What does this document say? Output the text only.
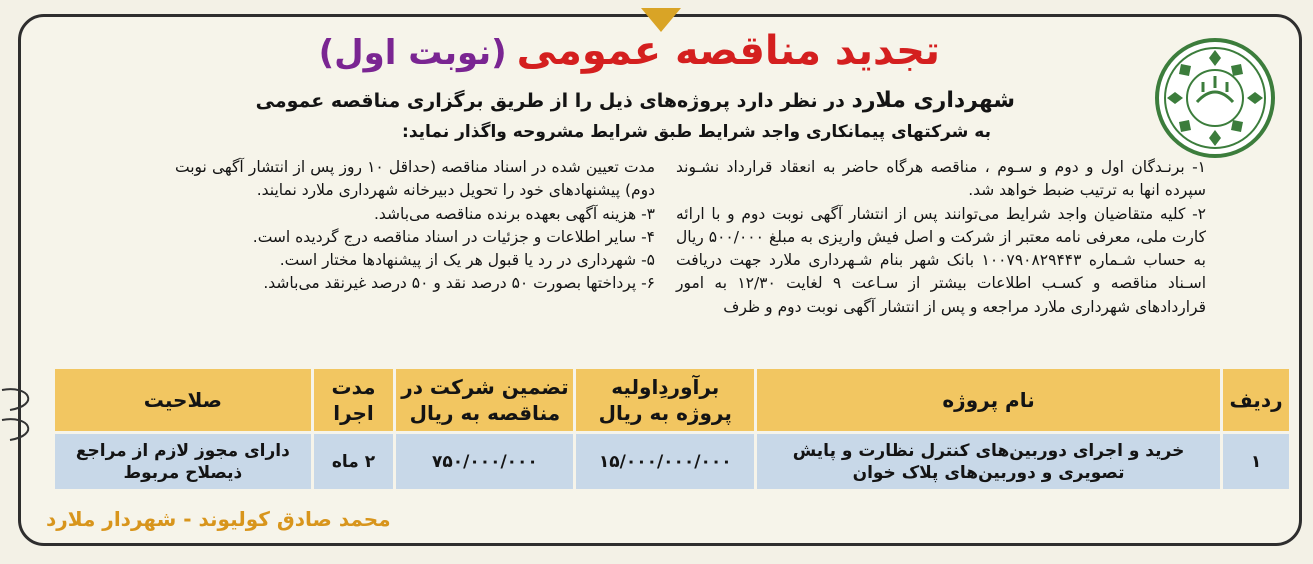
تجدید مناقصه عمومی(نوبت اول)
شهرداری ملارد در نظر دارد پروژه‌های ذیل را از طریق برگزاری مناقصه عمومی
به شرکتهای پیمانکاری واجد شرایط طبق شرایط مشروحه واگذار نماید:

۱- برنـدگان اول و دوم و سـوم ، مناقصه هرگاه حاضر به انعقاد قرارداد نشـوند سپرده انها به ترتیب ضبط خواهد شد.

۲- کلیه متقاضیان واجد شرایط می‌توانند پس از انتشار آگهی نوبت دوم و با ارائه کارت ملی، معرفی نامه معتبر از شرکت و اصل فیش واریزی به مبلغ ۵۰۰/۰۰۰ ریال به حساب شـماره ۱۰۰۷۹۰۸۲۹۴۴۳ بانک شهر بنام شـهرداری ملارد جهت دریافت اسـناد مناقصه و کسـب اطلاعات بیشتر از سـاعت ۹ لغایت ۱۲/۳۰ به امور قراردادهای شهرداری ملارد مراجعه و پس از انتشار آگهی نوبت دوم و ظرف

مدت تعیین شده در اسناد مناقصه (حداقل ۱۰ روز پس از انتشار آگهی نوبت دوم) پیشنهادهای خود را تحویل دبیرخانه شهرداری ملارد نمایند.

۳- هزینه آگهی بعهده برنده مناقصه می‌باشد.

۴- سایر اطلاعات و جزئیات در اسناد مناقصه درج گردیده است.

۵- شهرداری در رد یا قبول هر یک از پیشنهادها مختار است.

۶- پرداختها بصورت ۵۰ درصد نقد و ۵۰ درصد غیرنقد می‌باشد.

ردیف	نام پروژه	برآوردِاولیه پروژه به ریال	تضمین شرکت در مناقصه به ریال	مدت اجرا	صلاحیت
۱	خرید و اجرای دوربین‌های کنترل نظارت و پایش تصویری و دوربین‌های پلاک خوان	۱۵/۰۰۰/۰۰۰/۰۰۰	۷۵۰/۰۰۰/۰۰۰	۲ ماه	دارای مجوز لازم از مراجع ذیصلاح مربوط
محمد صادق کولیوند - شهردار ملارد
